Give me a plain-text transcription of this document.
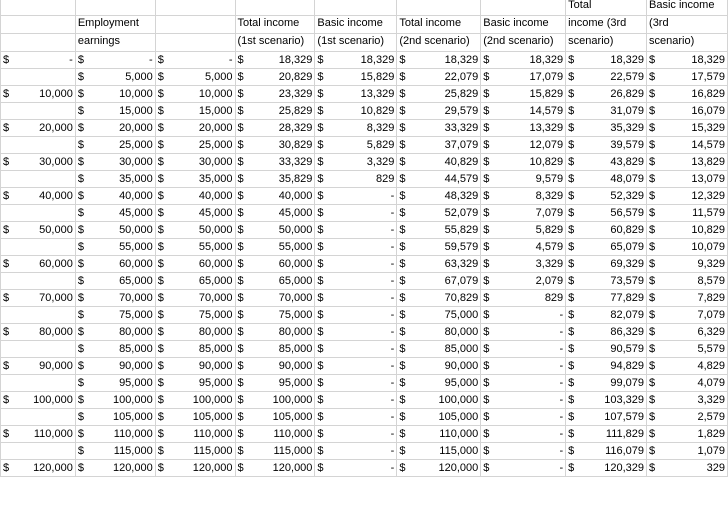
							Total	Basic income
	Employment		Total income	Basic income	Total income	Basic income	income (3rd	(3rd
	earnings		(1st scenario)	(1st scenario)	(2nd scenario)	(2nd scenario)	scenario)	scenario)

$ -	$ -	$ -	$ 18,329	$ 18,329	$ 18,329	$ 18,329	$ 18,329	$ 18,329

	$ 5,000	$ 5,000	$ 20,829	$ 15,829	$ 22,079	$ 17,079	$ 22,579	$ 17,579

$ 10,000	$ 10,000	$ 10,000	$ 23,329	$ 13,329	$ 25,829	$ 15,829	$ 26,829	$ 16,829

	$ 15,000	$ 15,000	$ 25,829	$ 10,829	$ 29,579	$ 14,579	$ 31,079	$ 16,079

$ 20,000	$ 20,000	$ 20,000	$ 28,329	$ 8,329	$ 33,329	$ 13,329	$ 35,329	$ 15,329

	$ 25,000	$ 25,000	$ 30,829	$ 5,829	$ 37,079	$ 12,079	$ 39,579	$ 14,579

$ 30,000	$ 30,000	$ 30,000	$ 33,329	$ 3,329	$ 40,829	$ 10,829	$ 43,829	$ 13,829

	$ 35,000	$ 35,000	$ 35,829	$ 829	$ 44,579	$ 9,579	$ 48,079	$ 13,079

$ 40,000	$ 40,000	$ 40,000	$ 40,000	$ -	$ 48,329	$ 8,329	$ 52,329	$ 12,329

	$ 45,000	$ 45,000	$ 45,000	$ -	$ 52,079	$ 7,079	$ 56,579	$ 11,579

$ 50,000	$ 50,000	$ 50,000	$ 50,000	$ -	$ 55,829	$ 5,829	$ 60,829	$ 10,829

	$ 55,000	$ 55,000	$ 55,000	$ -	$ 59,579	$ 4,579	$ 65,079	$ 10,079

$ 60,000	$ 60,000	$ 60,000	$ 60,000	$ -	$ 63,329	$ 3,329	$ 69,329	$ 9,329

	$ 65,000	$ 65,000	$ 65,000	$ -	$ 67,079	$ 2,079	$ 73,579	$ 8,579

$ 70,000	$ 70,000	$ 70,000	$ 70,000	$ -	$ 70,829	$ 829	$ 77,829	$ 7,829

	$ 75,000	$ 75,000	$ 75,000	$ -	$ 75,000	$ -	$ 82,079	$ 7,079

$ 80,000	$ 80,000	$ 80,000	$ 80,000	$ -	$ 80,000	$ -	$ 86,329	$ 6,329

	$ 85,000	$ 85,000	$ 85,000	$ -	$ 85,000	$ -	$ 90,579	$ 5,579

$ 90,000	$ 90,000	$ 90,000	$ 90,000	$ -	$ 90,000	$ -	$ 94,829	$ 4,829

	$ 95,000	$ 95,000	$ 95,000	$ -	$ 95,000	$ -	$ 99,079	$ 4,079

$ 100,000	$ 100,000	$ 100,000	$ 100,000	$ -	$ 100,000	$ -	$ 103,329	$ 3,329

	$ 105,000	$ 105,000	$ 105,000	$ -	$ 105,000	$ -	$ 107,579	$ 2,579

$ 110,000	$ 110,000	$ 110,000	$ 110,000	$ -	$ 110,000	$ -	$ 111,829	$ 1,829

	$ 115,000	$ 115,000	$ 115,000	$ -	$ 115,000	$ -	$ 116,079	$ 1,079

$ 120,000	$ 120,000	$ 120,000	$ 120,000	$ -	$ 120,000	$ -	$ 120,329	$ 329
